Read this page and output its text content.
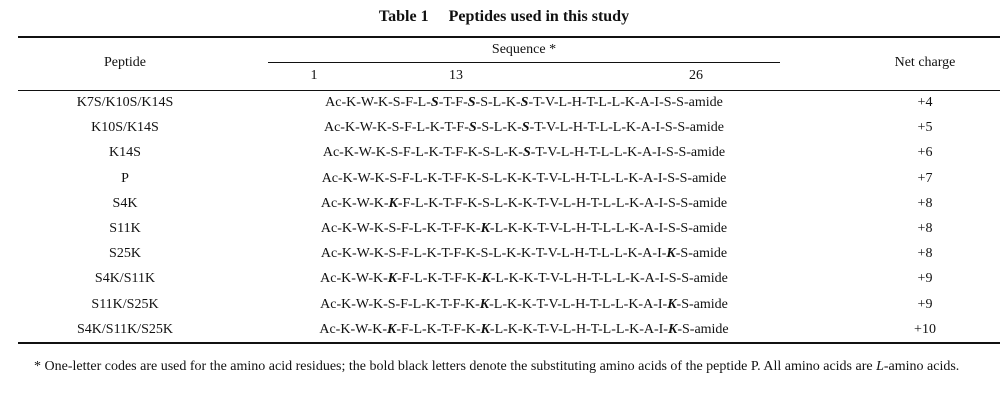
Table 1  Peptides used in this study
Peptide
Sequence *
1	13	26
Net charge
K7S/K10S/K14S	Ac-K-W-K-S-F-L-S-T-F-S-S-L-K-S-T-V-L-H-T-L-L-K-A-I-S-S-amide	+4
K10S/K14S	Ac-K-W-K-S-F-L-K-T-F-S-S-L-K-S-T-V-L-H-T-L-L-K-A-I-S-S-amide	+5
K14S	Ac-K-W-K-S-F-L-K-T-F-K-S-L-K-S-T-V-L-H-T-L-L-K-A-I-S-S-amide	+6
P	Ac-K-W-K-S-F-L-K-T-F-K-S-L-K-K-T-V-L-H-T-L-L-K-A-I-S-S-amide	+7
S4K	Ac-K-W-K-K-F-L-K-T-F-K-S-L-K-K-T-V-L-H-T-L-L-K-A-I-S-S-amide	+8
S11K	Ac-K-W-K-S-F-L-K-T-F-K-K-L-K-K-T-V-L-H-T-L-L-K-A-I-S-S-amide	+8
S25K	Ac-K-W-K-S-F-L-K-T-F-K-S-L-K-K-T-V-L-H-T-L-L-K-A-I-K-S-amide	+8
S4K/S11K	Ac-K-W-K-K-F-L-K-T-F-K-K-L-K-K-T-V-L-H-T-L-L-K-A-I-S-S-amide	+9
S11K/S25K	Ac-K-W-K-S-F-L-K-T-F-K-K-L-K-K-T-V-L-H-T-L-L-K-A-I-K-S-amide	+9
S4K/S11K/S25K	Ac-K-W-K-K-F-L-K-T-F-K-K-L-K-K-T-V-L-H-T-L-L-K-A-I-K-S-amide	+10
* One-letter codes are used for the amino acid residues; the bold black letters denote the substituting amino acids of the peptide P. All amino acids are L-amino acids.
